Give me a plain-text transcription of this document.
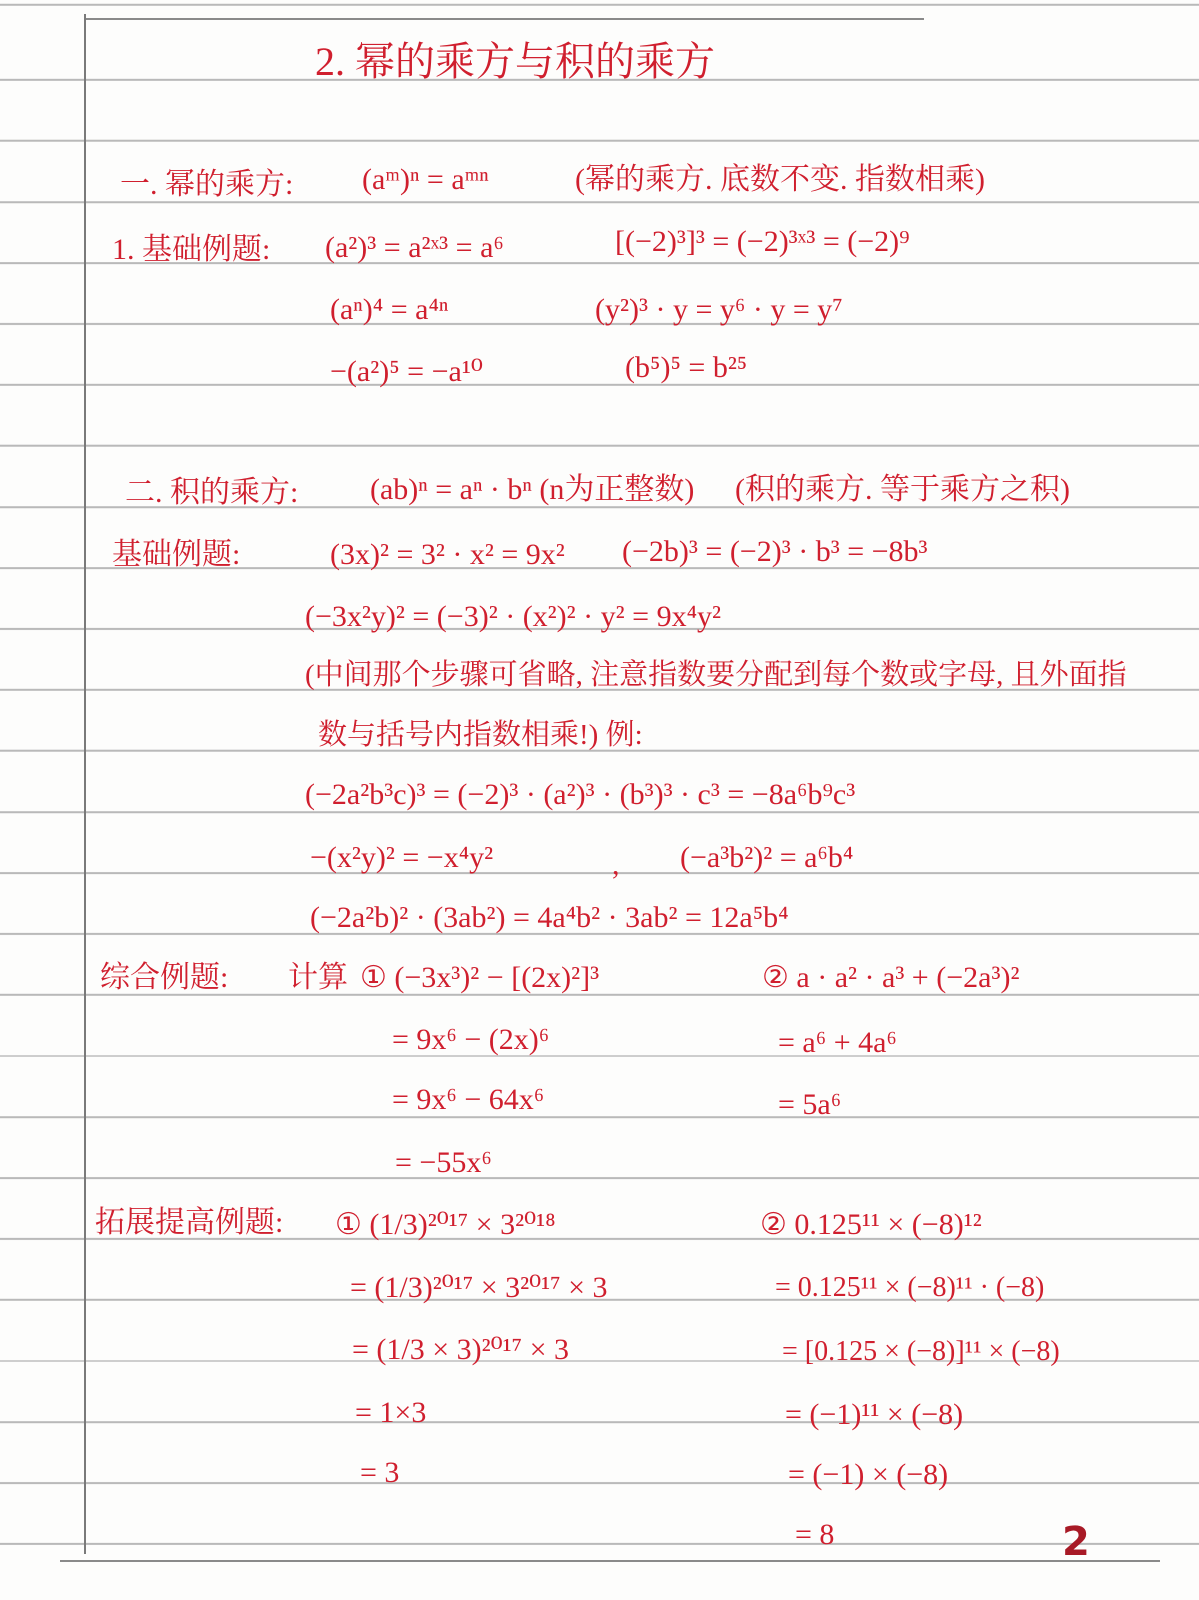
2. 幂的乘方与积的乘方
一. 幂的乘方: (aᵐ)ⁿ = aᵐⁿ	(幂的乘方. 底数不变. 指数相乘)
1. 基础例题: (a²)³ = a²ˣ³ = a⁶	[(−2)³]³ = (−2)³ˣ³ = (−2)⁹
(aⁿ)⁴ = a⁴ⁿ	(y²)³ · y = y⁶ · y = y⁷
−(a²)⁵ = −a¹⁰	(b⁵)⁵ = b²⁵
二. 积的乘方: (ab)ⁿ = aⁿ · bⁿ (n为正整数) (积的乘方. 等于乘方之积)
基础例题:	(3x)² = 3² · x² = 9x² (−2b)³ = (−2)³ · b³ = −8b³
(−3x²y)² = (−3)² · (x²)² · y² = 9x⁴y²
(中间那个步骤可省略, 注意指数要分配到每个数或字母, 且外面指
数与括号内指数相乘!) 例:
(−2a²b³c)³ = (−2)³ · (a²)³ · (b³)³ · c³ = −8a⁶b⁹c³
−(x²y)² = −x⁴y²	, (−a³b²)² = a⁶b⁴
(−2a²b)² · (3ab²) = 4a⁴b² · 3ab² = 12a⁵b⁴
综合例题: 计算 ① (−3x³)² − [(2x)²]³
= 9x⁶ − (2x)⁶
= 9x⁶ − 64x⁶
= −55x⁶
② a · a² · a³ + (−2a³)²
= a⁶ + 4a⁶
= 5a⁶
拓展提高例题: ① (1/3)²⁰¹⁷ × 3²⁰¹⁸
= (1/3)²⁰¹⁷ × 3²⁰¹⁷ × 3
= (1/3 × 3)²⁰¹⁷ × 3
= 1×3
= 3
② 0.125¹¹ × (−8)¹²
= 0.125¹¹ × (−8)¹¹ · (−8)
= [0.125 × (−8)]¹¹ × (−8)
= (−1)¹¹ × (−8)
= (−1) × (−8)
= 8	2
